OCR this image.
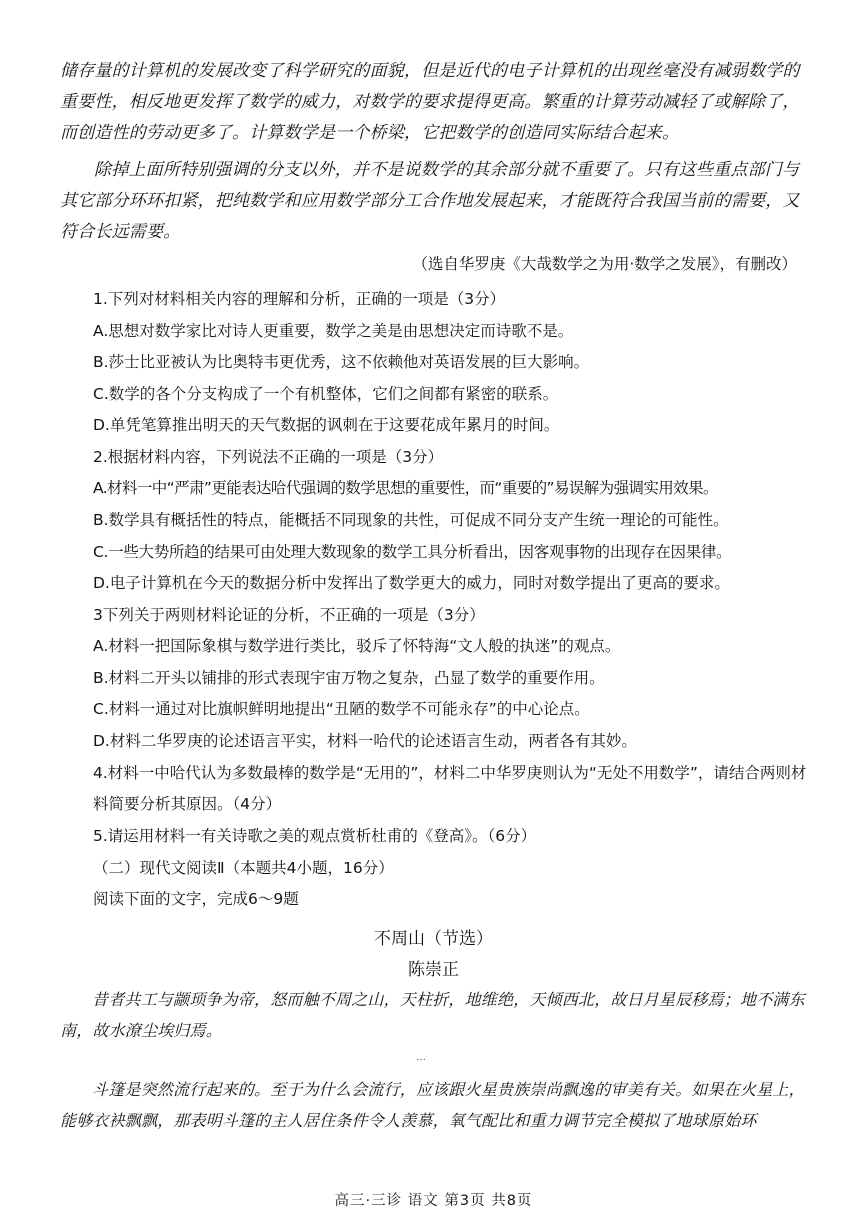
储存量的计算机的发展改变了科学研究的面貌，但是近代的电子计算机的出现丝毫没有减弱数学的重要性，相反地更发挥了数学的威力，对数学的要求提得更高。繁重的计算劳动减轻了或解除了，而创造性的劳动更多了。计算数学是一个桥梁，它把数学的创造同实际结合起来。
除掉上面所特别强调的分支以外，并不是说数学的其余部分就不重要了。只有这些重点部门与其它部分环环扣紧，把纯数学和应用数学部分工合作地发展起来，才能既符合我国当前的需要，又符合长远需要。
（选自华罗庚《大哉数学之为用·数学之发展》，有删改）
1.下列对材料相关内容的理解和分析，正确的一项是（3分）
A.思想对数学家比对诗人更重要，数学之美是由思想决定而诗歌不是。
B.莎士比亚被认为比奥特韦更优秀，这不依赖他对英语发展的巨大影响。
C.数学的各个分支构成了一个有机整体，它们之间都有紧密的联系。
D.单凭笔算推出明天的天气数据的讽刺在于这要花成年累月的时间。
2.根据材料内容，下列说法不正确的一项是（3分）
A.材料一中“严肃”更能表达哈代强调的数学思想的重要性，而“重要的”易误解为强调实用效果。
B.数学具有概括性的特点，能概括不同现象的共性，可促成不同分支产生统一理论的可能性。
C.一些大势所趋的结果可由处理大数现象的数学工具分析看出，因客观事物的出现存在因果律。
D.电子计算机在今天的数据分析中发挥出了数学更大的威力，同时对数学提出了更高的要求。
3下列关于两则材料论证的分析，不正确的一项是（3分）
A.材料一把国际象棋与数学进行类比，驳斥了怀特海“文人般的执迷”的观点。
B.材料二开头以铺排的形式表现宇宙万物之复杂，凸显了数学的重要作用。
C.材料一通过对比旗帜鲜明地提出“丑陋的数学不可能永存”的中心论点。
D.材料二华罗庚的论述语言平实，材料一哈代的论述语言生动，两者各有其妙。
4.材料一中哈代认为多数最棒的数学是“无用的”，材料二中华罗庚则认为“无处不用数学”，请结合两则材料简要分析其原因。（4分）
5.请运用材料一有关诗歌之美的观点赏析杜甫的《登高》。（6分）
（二）现代文阅读Ⅱ（本题共4小题，16分）
阅读下面的文字，完成6～9题
不周山（节选）
陈崇正
昔者共工与颛顼争为帝，怒而触不周之山，天柱折，地维绝，天倾西北，故日月星辰移焉；地不满东南，故水潦尘埃归焉。
…
斗篷是突然流行起来的。至于为什么会流行，应该跟火星贵族崇尚飘逸的审美有关。如果在火星上，能够衣袂飘飘，那表明斗篷的主人居住条件令人羡慕，氧气配比和重力调节完全模拟了地球原始环
高三·三诊 语文 第3页 共8页
